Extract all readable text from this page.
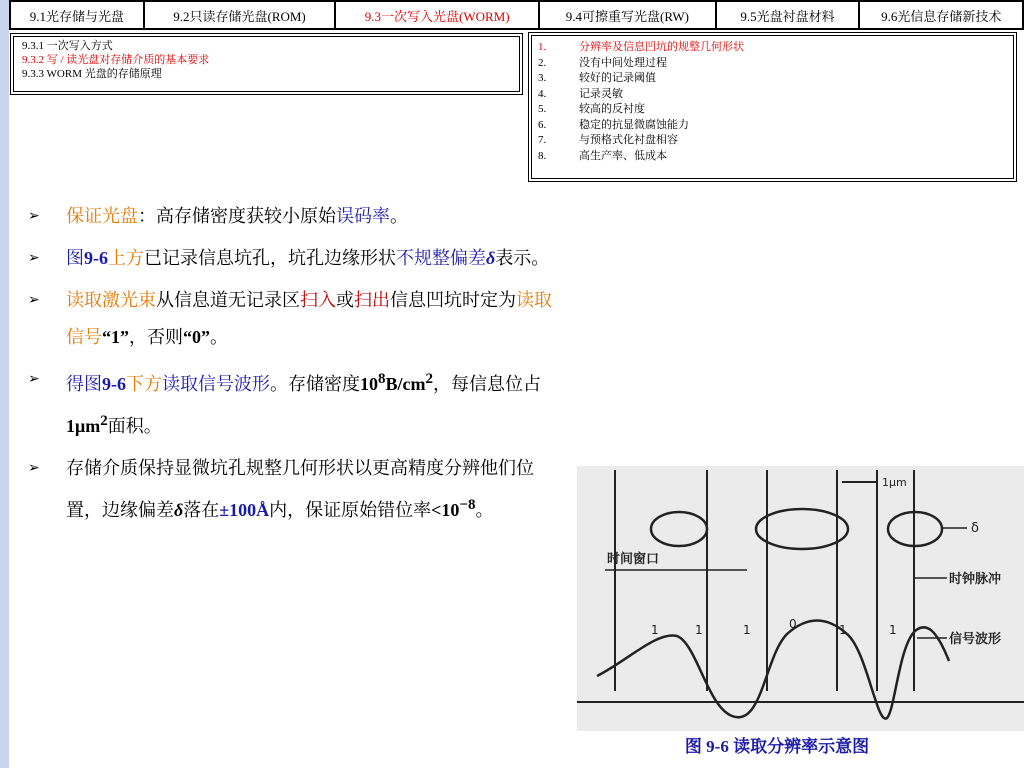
9.1光存储与光盘	9.2只读存储光盘(ROM)	9.3一次写入光盘(WORM)	9.4可擦重写光盘(RW)	9.5光盘衬盘材料	9.6光信息存储新技术
9.3.1 一次写入方式
9.3.2 写 / 读光盘对存储介质的基本要求
9.3.3 WORM 光盘的存储原理
1.	分辨率及信息凹坑的规整几何形状
2.	没有中间处理过程
3.	较好的记录阈值
4.	记录灵敏
5.	较高的反衬度
6.	稳定的抗显微腐蚀能力
7.	与预格式化衬盘相容
8.	高生产率、低成本
➢ 保证光盘：高存储密度获较小原始误码率。
➢ 图9-6上方已记录信息坑孔，坑孔边缘形状不规整偏差δ表示。
➢ 读取激光束从信息道无记录区扫入或扫出信息凹坑时定为读取信号“1”，否则“0”。
➢ 得图9-6下方读取信号波形。存储密度$10^8B/cm^2$，每信息位占$1\mu m^2$面积。
➢ 存储介质保持显微坑孔规整几何形状以更高精度分辨他们位置，边缘偏差δ落在±100Å内，保证原始错位率$<10^{-8}$。
1μm
δ
时间窗口
时钟脉冲
信号波形
1	1	1	0	1	1
图 9-6 读取分辨率示意图
